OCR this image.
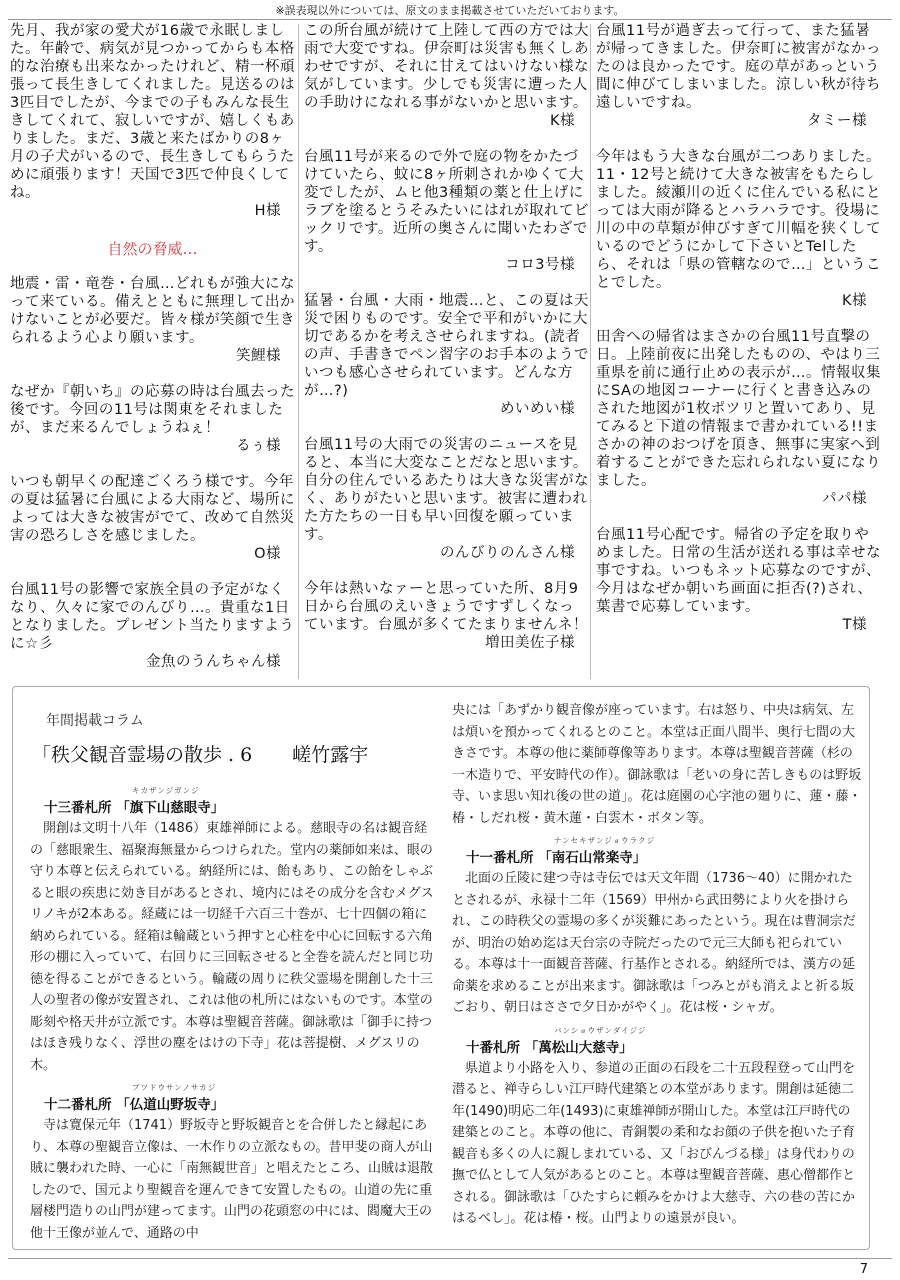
※誤表現以外については、原文のまま掲載させていただいております。
先月、我が家の愛犬が16歳で永眠しました。年齢で、病気が見つかってからも本格的な治療も出来なかったけれど、精一杯頑張って長生きしてくれました。見送るのは3匹目でしたが、今までの子もみんな長生きしてくれて、寂しいですが、嬉しくもありました。まだ、3歳と来たばかりの8ヶ月の子犬がいるので、長生きしてもらうために頑張ります！天国で3匹で仲良くしてね。
H様
自然の脅威…
地震・雷・竜巻・台風…どれもが強大になって来ている。備えとともに無理して出かけないことが必要だ。皆々様が笑顔で生きられるよう心より願います。
笑鯉様
なぜか『朝いち』の応募の時は台風去った後です。今回の11号は関東をそれましたが、まだ来るんでしょうねぇ！
るぅ様
いつも朝早くの配達ごくろう様です。今年の夏は猛暑に台風による大雨など、場所によっては大きな被害がでて、改めて自然災害の恐ろしさを感じました。
O様
台風11号の影響で家族全員の予定がなくなり、久々に家でのんびり…。貴重な1日となりました。プレゼント当たりますように☆彡
金魚のうんちゃん様
この所台風が続けて上陸して西の方では大雨で大変ですね。伊奈町は災害も無くしあわせですが、それに甘えてはいけない様な気がしています。少しでも災害に遭った人の手助けになれる事がないかと思います。
K様
台風11号が来るので外で庭の物をかたづけていたら、蚊に8ヶ所刺されかゆくて大変でしたが、ムヒ他3種類の薬と仕上げにラブを塗るとうそみたいにはれが取れてビックリです。近所の奥さんに聞いたわざです。
コロ3号様
猛暑・台風・大雨・地震…と、この夏は天災で困りものです。安全で平和がいかに大切であるかを考えさせられますね。(読者の声、手書きでペン習字のお手本のようでいつも感心させられています。どんな方が…?)
めいめい様
台風11号の大雨での災害のニュースを見ると、本当に大変なことだなと思います。自分の住んでいるあたりは大きな災害がなく、ありがたいと思います。被害に遭われた方たちの一日も早い回復を願っています。
のんびりのんさん様
今年は熱いなァーと思っていた所、8月9日から台風のえいきょうですずしくなっています。台風が多くてたまりませんネ！
増田美佐子様
台風11号が過ぎ去って行って、また猛暑が帰ってきました。伊奈町に被害がなかったのは良かったです。庭の草があっという間に伸びてしまいました。涼しい秋が待ち遠しいですね。
タミー様
今年はもう大きな台風が二つありました。11・12号と続けて大きな被害をもたらしました。綾瀬川の近くに住んでいる私にとっては大雨が降るとハラハラです。役場に川の中の草類が伸びすぎて川幅を狭くしているのでどうにかして下さいとTelしたら、それは「県の管轄なので…」ということでした。
K様
田舎への帰省はまさかの台風11号直撃の日。上陸前夜に出発したものの、やはり三重県を前に通行止めの表示が…。情報収集にSAの地図コーナーに行くと書き込みのされた地図が1枚ポツリと置いてあり、見てみると下道の情報まで書かれている!!まさかの神のおつげを頂き、無事に実家へ到着することができた忘れられない夏になりました。
パパ様
台風11号心配です。帰省の予定を取りやめました。日常の生活が送れる事は幸せな事ですね。いつもネット応募なのですが、今月はなぜか朝いち画面に拒否(?)され、葉書で応募しています。
T様
年間掲載コラム
「秩父観音霊場の散歩 . 6 嵯竹露宇
キカザンジガンジ
十三番札所 「旗下山慈眼寺」

開創は文明十八年（1486）東雄禅師による。慈眼寺の名は観音経の「慈眼衆生、福聚海無量からつけられた。堂内の薬師如来は、眼の守り本尊と伝えられている。納経所には、飴もあり、この飴をしゃぶると眼の疾患に効き目があるとされ、境内にはその成分を含むメグスリノキが2本ある。経蔵には一切経千六百三十巻が、七十四個の箱に納められている。経箱は輪蔵という押すと心柱を中心に回転する六角形の棚に入っていて、右回りに三回転させると全巻を読んだと同じ功徳を得ることができるという。輪蔵の周りに秩父霊場を開創した十三人の聖者の像が安置され、これは他の札所にはないものです。本堂の彫刻や格天井が立派です。本尊は聖観音菩薩。御詠歌は「御手に持つはほき残りなく、浮世の塵をはけの下寺」花は菩提樹、メグスリの木。

ブツドウサンノサカジ
十二番札所 「仏道山野坂寺」

寺は寛保元年（1741）野坂寺と野坂観音とを合併したと縁起にあり、本尊の聖観音立像は、一木作りの立派なもの。昔甲斐の商人が山賊に襲われた時、一心に「南無観世音」と唱えたところ、山賊は退散したので、国元より聖観音を運んできて安置したもの。山道の先に重層楼門造りの山門が建ってます。山門の花頭窓の中には、閻魔大王の他十王像が並んで、通路の中

央には「あずかり観音像が座っています。右は怒り、中央は病気、左は煩いを預かってくれるとのこと。本堂は正面八間半、奥行七間の大きさです。本尊の他に薬師尊像等あります。本尊は聖観音菩薩（杉の一木造りで、平安時代の作）。御詠歌は「老いの身に苦しきものは野坂寺、いま思い知れ後の世の道」。花は庭園の心字池の廻りに、蓮・藤・椿・しだれ桜・黄木蓮・白雲木・ボタン等。

ナンセキザンジョウラクジ
十一番札所 「南石山常楽寺」

北面の丘陵に建つ寺は寺伝では天文年間（1736～40）に開かれたとされるが、永禄十二年（1569）甲州から武田勢により火を掛けられ、この時秩父の霊場の多くが災難にあったという。現在は曹洞宗だが、明治の始め迄は天台宗の寺院だったので元三大師も祀られている。本尊は十一面観音菩薩、行基作とされる。納経所では、漢方の延命薬を求めることが出来ます。御詠歌は「つみとがも消えよと祈る坂ごおり、朝日はささで夕日かがやく」。花は桜・シャガ。

バンショウザンダイジジ
十番札所 「萬松山大慈寺」

県道より小路を入り、参道の正面の石段を二十五段程登って山門を潜ると、禅寺らしい江戸時代建築との本堂があります。開創は延徳二年(1490)明応二年(1493)に東雄禅師が開山した。本堂は江戸時代の建築とのこと。本尊の他に、青銅製の柔和なお顔の子供を抱いた子育観音も多くの人に親しまれている、又「おびんづる様」は身代わりの撫で仏として人気があるとのこと。本尊は聖観音菩薩、惠心僧都作とされる。御詠歌は「ひたすらに頼みをかけよ大慈寺、六の巷の苦にかはるべし」。花は椿・桜。山門よりの遠景が良い。

7
